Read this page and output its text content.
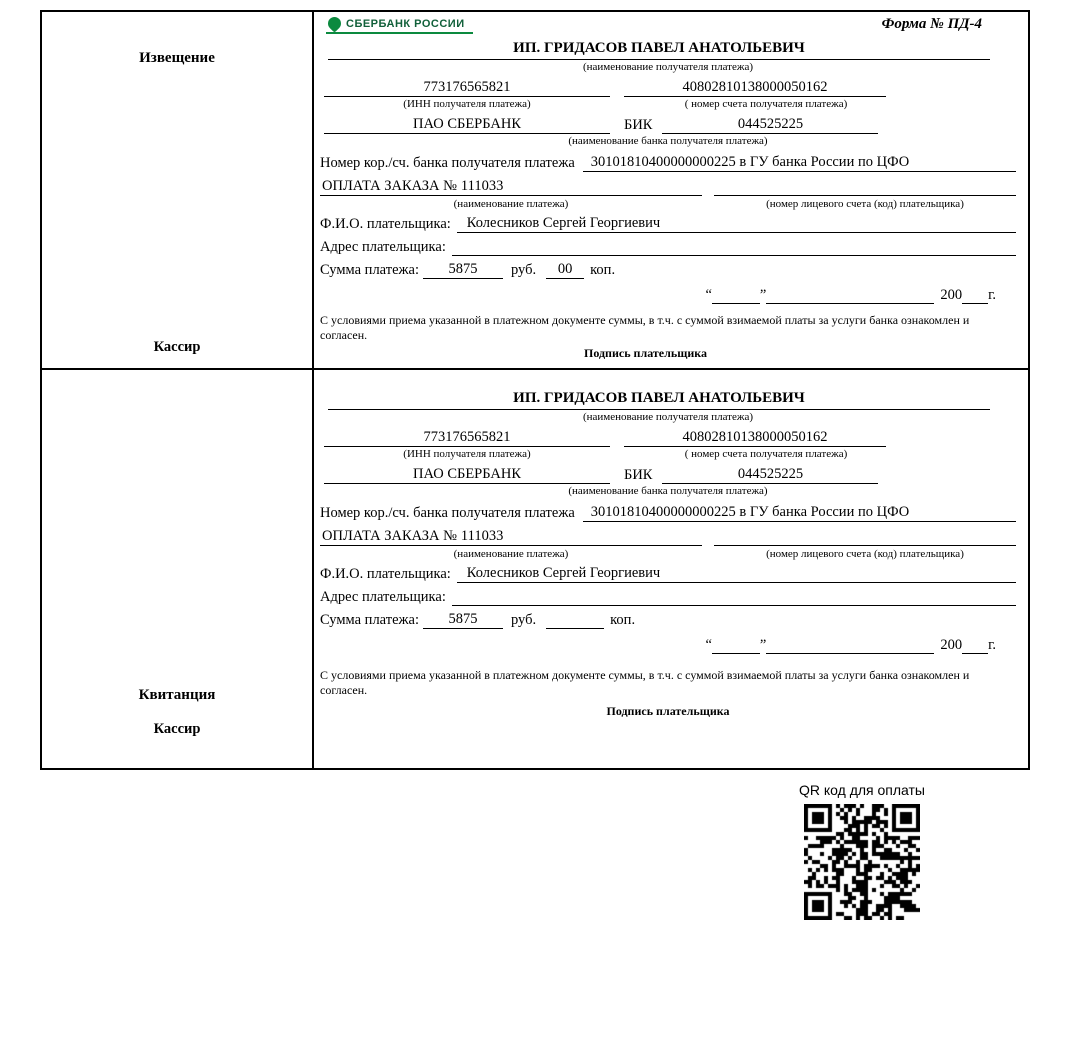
Извещение
Кассир
СБЕРБАНК РОССИИ	Форма № ПД-4
ИП. ГРИДАСОВ ПАВЕЛ АНАТОЛЬЕВИЧ
(наименование получателя платежа)
773176565821	40802810138000050162
(ИНН получателя платежа)	( номер счета получателя платежа)
ПАО СБЕРБАНК	БИК	044525225
(наименование банка получателя платежа)
Номер кор./сч. банка получателя платежа	30101810400000000225 в ГУ банка России по ЦФО
ОПЛАТА ЗАКАЗА № 111033
(наименование платежа)	(номер лицевого счета (код) плательщика)
Ф.И.О. плательщика:	Колесников Сергей Георгиевич
Адрес плательщика:
Сумма платежа:	5875	руб.	00	коп.
“	”	200 г.
С условиями приема указанной в платежном документе суммы, в т.ч. с суммой взимаемой платы за услуги банка ознакомлен и согласен.
Подпись плательщика
Квитанция
Кассир
ИП. ГРИДАСОВ ПАВЕЛ АНАТОЛЬЕВИЧ
(наименование получателя платежа)
773176565821	40802810138000050162
(ИНН получателя платежа)	( номер счета получателя платежа)
ПАО СБЕРБАНК	БИК	044525225
(наименование банка получателя платежа)
Номер кор./сч. банка получателя платежа	30101810400000000225 в ГУ банка России по ЦФО
ОПЛАТА ЗАКАЗА № 111033
(наименование платежа)	(номер лицевого счета (код) плательщика)
Ф.И.О. плательщика:	Колесников Сергей Георгиевич
Адрес плательщика:
Сумма платежа:	5875	руб.	коп.
“	”	200 г.
С условиями приема указанной в платежном документе суммы, в т.ч. с суммой взимаемой платы за услуги банка ознакомлен и согласен.
Подпись плательщика
QR код для оплаты
